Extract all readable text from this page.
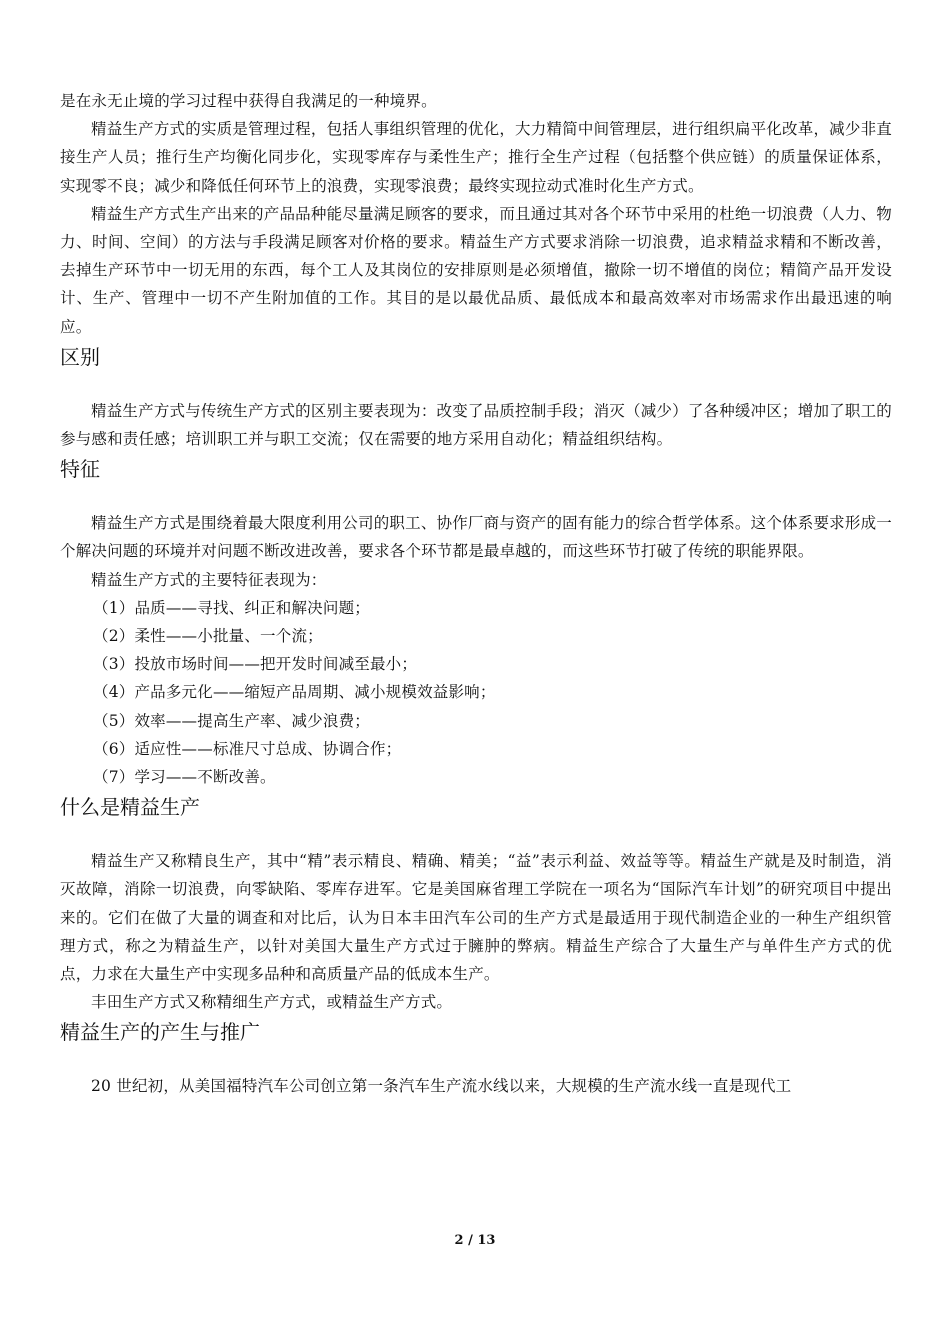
是在永无止境的学习过程中获得自我满足的一种境界。

精益生产方式的实质是管理过程，包括人事组织管理的优化，大力精简中间管理层，进行组织扁平化改革，减少非直接生产人员；推行生产均衡化同步化，实现零库存与柔性生产；推行全生产过程（包括整个供应链）的质量保证体系，实现零不良；减少和降低任何环节上的浪费，实现零浪费；最终实现拉动式准时化生产方式。

精益生产方式生产出来的产品品种能尽量满足顾客的要求，而且通过其对各个环节中采用的杜绝一切浪费（人力、物力、时间、空间）的方法与手段满足顾客对价格的要求。精益生产方式要求消除一切浪费，追求精益求精和不断改善，去掉生产环节中一切无用的东西，每个工人及其岗位的安排原则是必须增值，撤除一切不增值的岗位；精简产品开发设计、生产、管理中一切不产生附加值的工作。其目的是以最优品质、最低成本和最高效率对市场需求作出最迅速的响应。

区别

精益生产方式与传统生产方式的区别主要表现为：改变了品质控制手段；消灭（减少）了各种缓冲区；增加了职工的参与感和责任感；培训职工并与职工交流；仅在需要的地方采用自动化；精益组织结构。

特征

精益生产方式是围绕着最大限度利用公司的职工、协作厂商与资产的固有能力的综合哲学体系。这个体系要求形成一个解决问题的环境并对问题不断改进改善，要求各个环节都是最卓越的，而这些环节打破了传统的职能界限。

精益生产方式的主要特征表现为：

（1）品质——寻找、纠正和解决问题；
（2）柔性——小批量、一个流；
（3）投放市场时间——把开发时间减至最小；
（4）产品多元化——缩短产品周期、减小规模效益影响；
（5）效率——提高生产率、减少浪费；
（6）适应性——标准尺寸总成、协调合作；
（7）学习——不断改善。
什么是精益生产

精益生产又称精良生产，其中“精”表示精良、精确、精美；“益”表示利益、效益等等。精益生产就是及时制造，消灭故障，消除一切浪费，向零缺陷、零库存进军。它是美国麻省理工学院在一项名为“国际汽车计划”的研究项目中提出来的。它们在做了大量的调查和对比后，认为日本丰田汽车公司的生产方式是最适用于现代制造企业的一种生产组织管理方式，称之为精益生产，以针对美国大量生产方式过于臃肿的弊病。精益生产综合了大量生产与单件生产方式的优点，力求在大量生产中实现多品种和高质量产品的低成本生产。

丰田生产方式又称精细生产方式，或精益生产方式。

精益生产的产生与推广

20 世纪初，从美国福特汽车公司创立第一条汽车生产流水线以来，大规模的生产流水线一直是现代工

2 / 13
